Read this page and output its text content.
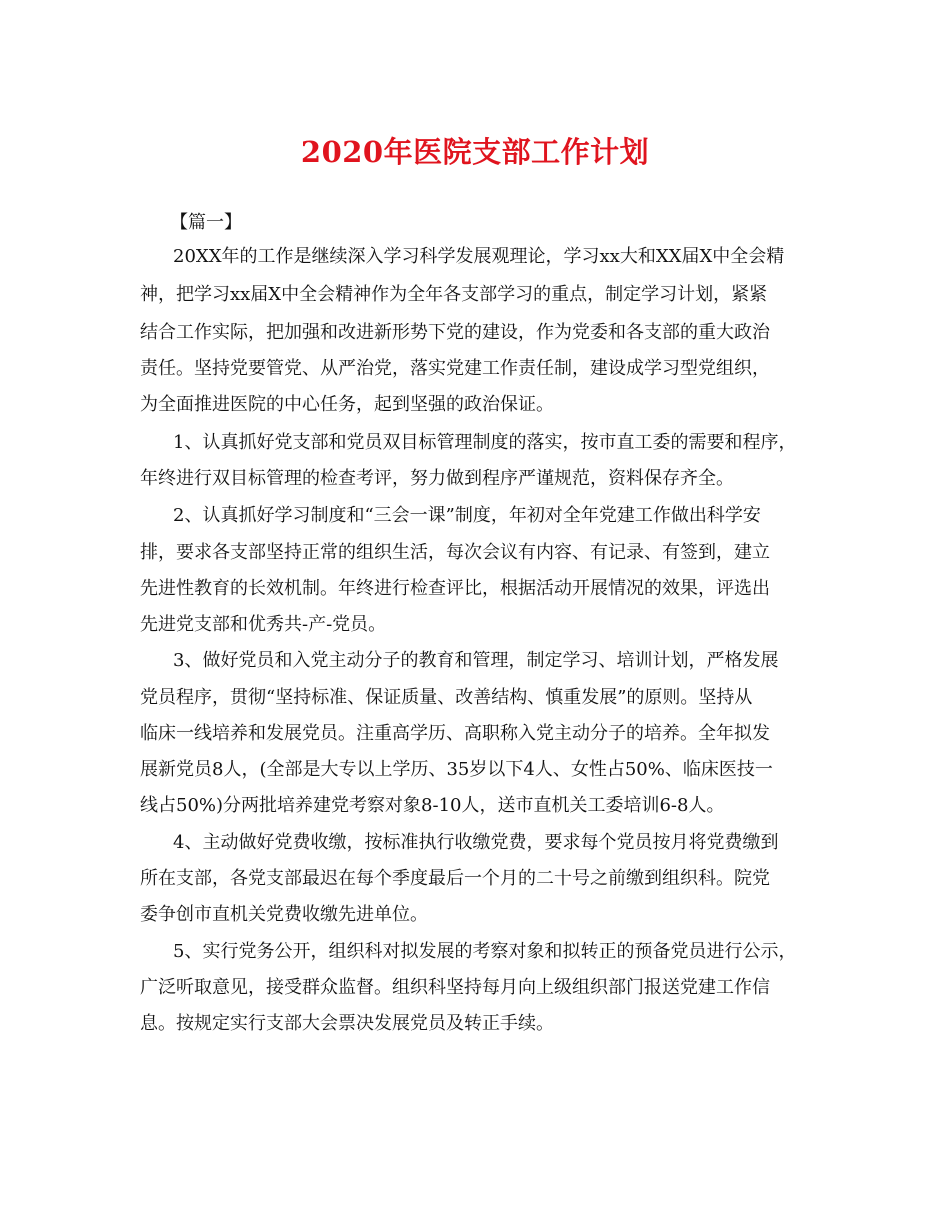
2020年医院支部工作计划
【篇一】
20XX年的工作是继续深入学习科学发展观理论，学习xx大和XX届X中全会精
神，把学习xx届X中全会精神作为全年各支部学习的重点，制定学习计划，紧紧
结合工作实际，把加强和改进新形势下党的建设，作为党委和各支部的重大政治
责任。坚持党要管党、从严治党，落实党建工作责任制，建设成学习型党组织，
为全面推进医院的中心任务，起到坚强的政治保证。
1、认真抓好党支部和党员双目标管理制度的落实，按市直工委的需要和程序，
年终进行双目标管理的检查考评，努力做到程序严谨规范，资料保存齐全。
2、认真抓好学习制度和“三会一课”制度，年初对全年党建工作做出科学安
排，要求各支部坚持正常的组织生活，每次会议有内容、有记录、有签到，建立
先进性教育的长效机制。年终进行检查评比，根据活动开展情况的效果，评选出
先进党支部和优秀共-产-党员。
3、做好党员和入党主动分子的教育和管理，制定学习、培训计划，严格发展
党员程序，贯彻“坚持标准、保证质量、改善结构、慎重发展”的原则。坚持从
临床一线培养和发展党员。注重高学历、高职称入党主动分子的培养。全年拟发
展新党员8人，(全部是大专以上学历、35岁以下4人、女性占50%、临床医技一
线占50%)分两批培养建党考察对象8-10人，送市直机关工委培训6-8人。
4、主动做好党费收缴，按标准执行收缴党费，要求每个党员按月将党费缴到
所在支部，各党支部最迟在每个季度最后一个月的二十号之前缴到组织科。院党
委争创市直机关党费收缴先进单位。
5、实行党务公开，组织科对拟发展的考察对象和拟转正的预备党员进行公示，
广泛听取意见，接受群众监督。组织科坚持每月向上级组织部门报送党建工作信
息。按规定实行支部大会票决发展党员及转正手续。
